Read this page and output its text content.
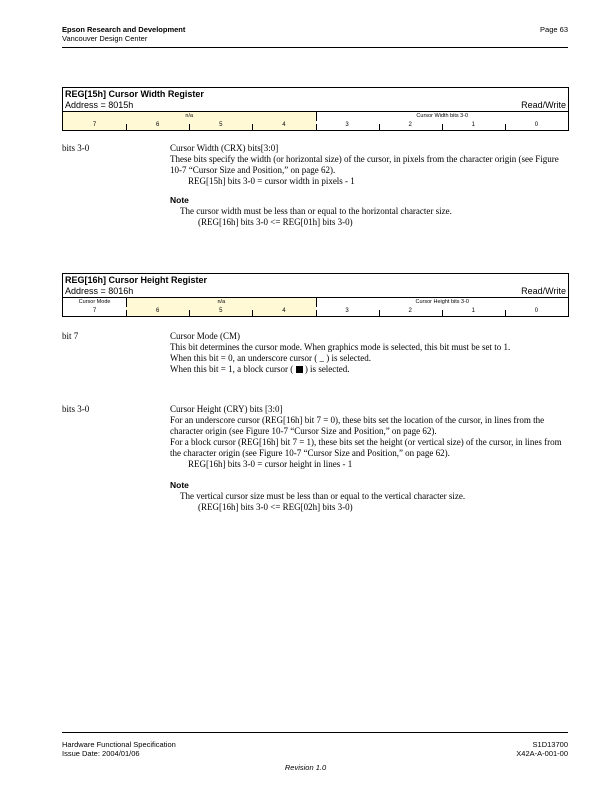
Epson Research and Development
Vancouver Design Center
Page 63
REG[15h] Cursor Width Register
Address = 8015h	Read/Write
n/a	Cursor Width bits 3-0
7	6	5	4	3	2	1	0
bits 3-0	Cursor Width (CRX) bits[3:0]
These bits specify the width (or horizontal size) of the cursor, in pixels from the character origin (see Figure 10-7 “Cursor Size and Position,” on page 62).
REG[15h] bits 3-0 = cursor width in pixels - 1
Note
The cursor width must be less than or equal to the horizontal character size.
(REG[16h] bits 3-0 <= REG[01h] bits 3-0)
REG[16h] Cursor Height Register
Address = 8016h	Read/Write
Cursor Mode	n/a	Cursor Height bits 3-0
7	6	5	4	3	2	1	0
bit 7	Cursor Mode (CM)
This bit determines the cursor mode. When graphics mode is selected, this bit must be set to 1.
When this bit = 0, an underscore cursor ( _ ) is selected.
When this bit = 1, a block cursor ( ) is selected.
bits 3-0	Cursor Height (CRY) bits [3:0]
For an underscore cursor (REG[16h] bit 7 = 0), these bits set the location of the cursor, in lines from the character origin (see Figure 10-7 “Cursor Size and Position,” on page 62).
For a block cursor (REG[16h] bit 7 = 1), these bits set the height (or vertical size) of the cursor, in lines from the character origin (see Figure 10-7 “Cursor Size and Position,” on page 62).
REG[16h] bits 3-0 = cursor height in lines - 1
Note
The vertical cursor size must be less than or equal to the vertical character size.
(REG[16h] bits 3-0 <= REG[02h] bits 3-0)
Hardware Functional Specification
Issue Date: 2004/01/06
S1D13700
X42A-A-001-00
Revision 1.0
